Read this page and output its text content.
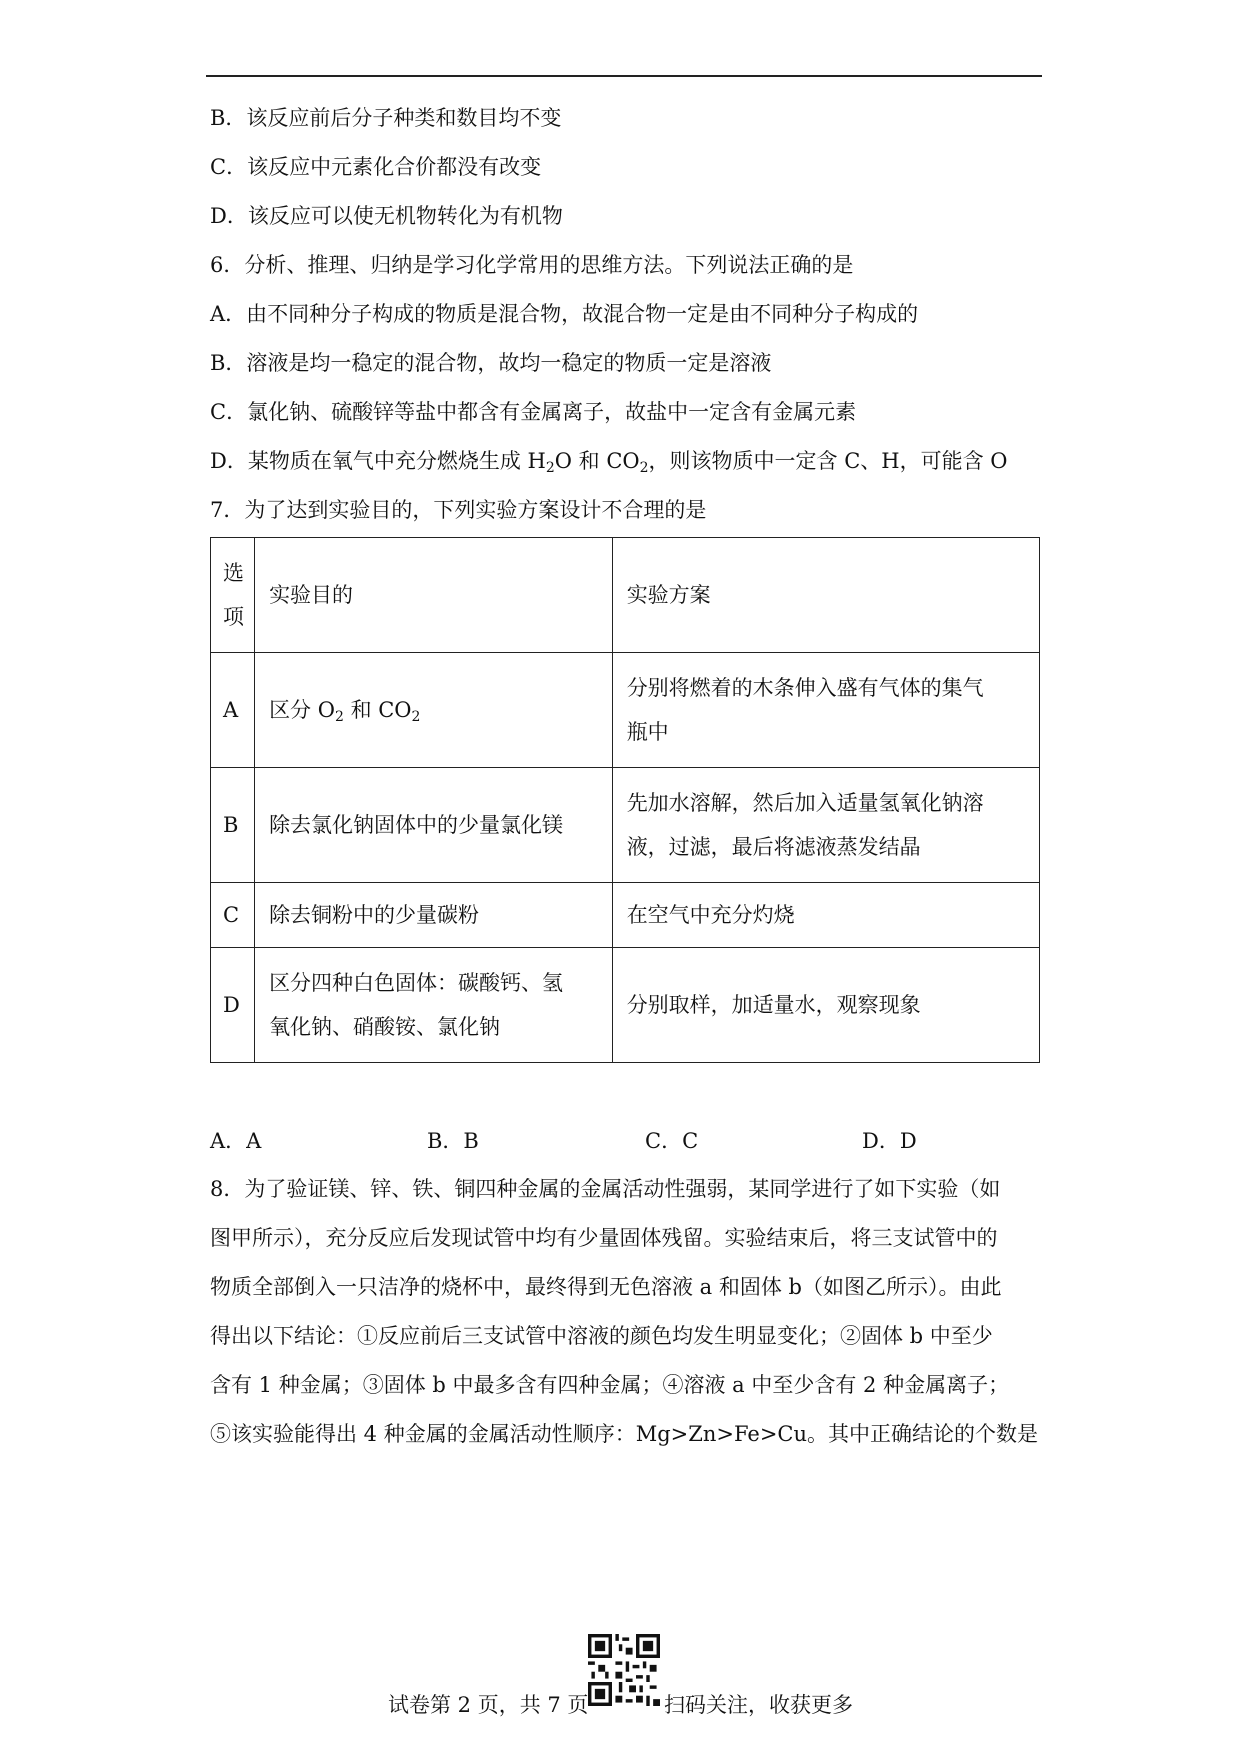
B．该反应前后分子种类和数目均不变
C．该反应中元素化合价都没有改变
D．该反应可以使无机物转化为有机物
6．分析、推理、归纳是学习化学常用的思维方法。下列说法正确的是
A．由不同种分子构成的物质是混合物，故混合物一定是由不同种分子构成的
B．溶液是均一稳定的混合物，故均一稳定的物质一定是溶液
C．氯化钠、硫酸锌等盐中都含有金属离子，故盐中一定含有金属元素
D．某物质在氧气中充分燃烧生成 $H_2O$ 和 $CO_2$，则该物质中一定含 C、H，可能含 O
7．为了达到实验目的，下列实验方案设计不合理的是
选
项	实验目的	实验方案
A	区分 $O_2$ 和 $CO_2$	分别将燃着的木条伸入盛有气体的集气
瓶中

B	除去氯化钠固体中的少量氯化镁	先加水溶解，然后加入适量氢氧化钠溶
液，过滤，最后将滤液蒸发结晶

C	除去铜粉中的少量碳粉	在空气中充分灼烧
D	区分四种白色固体：碳酸钙、氢
氧化钠、硝酸铵、氯化钠	分别取样，加适量水，观察现象
A．A	B．B	C．C	D．D
8．为了验证镁、锌、铁、铜四种金属的金属活动性强弱，某同学进行了如下实验（如
图甲所示），充分反应后发现试管中均有少量固体残留。实验结束后，将三支试管中的
物质全部倒入一只洁净的烧杯中，最终得到无色溶液 a 和固体 b（如图乙所示）。由此
得出以下结论：①反应前后三支试管中溶液的颜色均发生明显变化；②固体 b 中至少
含有 1 种金属；③固体 b 中最多含有四种金属；④溶液 a 中至少含有 2 种金属离子；
⑤该实验能得出 4 种金属的金属活动性顺序：Mg>Zn>Fe>Cu。其中正确结论的个数是
试卷第 2 页，共 7 页	扫码关注，收获更多
